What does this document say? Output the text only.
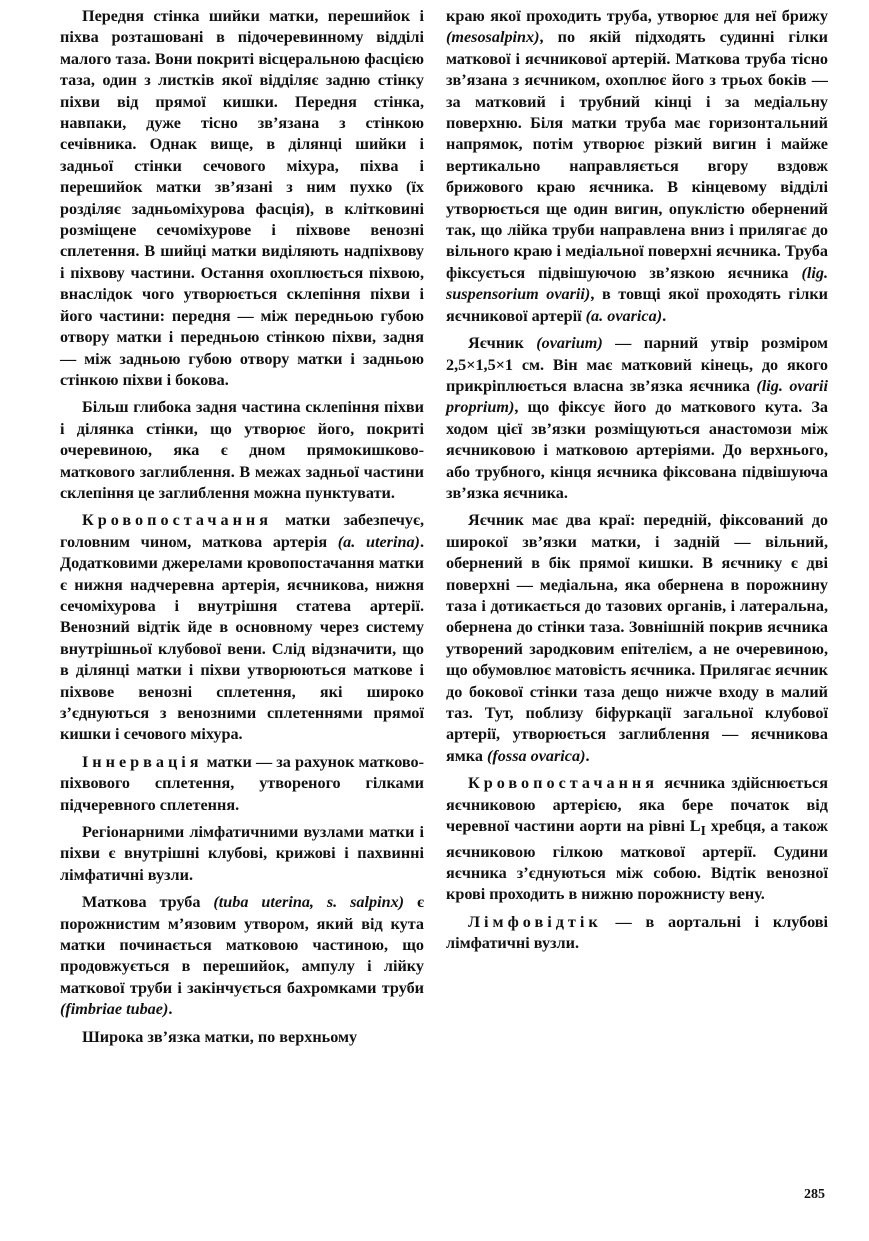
Передня стінка шийки матки, перешийок і піхва розташовані в підочеревинному відділі малого таза. Вони покриті вісцеральною фасцією таза, один з листків якої відділяє задню стінку піхви від прямої кишки. Передня стінка, навпаки, дуже тісно зв’язана з стінкою сечівника. Однак вище, в ділянці шийки і задньої стінки сечового міхура, піхва і перешийок матки зв’язані з ним пухко (їх розділяє задньоміхурова фасція), в клітковині розміщене сечоміхурове і піхвове венозні сплетення. В шийці матки виділяють надпіхвову і піхвову частини. Остання охоплюється піхвою, внаслідок чого утворюється склепіння піхви і його частини: передня — між передньою губою отвору матки і передньою стінкою піхви, задня — між задньою губою отвору матки і задньою стінкою піхви і бокова.

Більш глибока задня частина склепіння піхви і ділянка стінки, що утворює його, покриті очеревиною, яка є дном прямокишково-маткового заглиблення. В межах задньої частини склепіння це заглиблення можна пунктувати.

Кровопостачання матки забезпечує, головним чином, маткова артерія (a. uterina). Додатковими джерелами кровопостачання матки є нижня надчеревна артерія, яєчникова, нижня сечоміхурова і внутрішня статева артерії. Венозний відтік йде в основному через систему внутрішньої клубової вени. Слід відзначити, що в ділянці матки і піхви утворюються маткове і піхвове венозні сплетення, які широко з’єднуються з венозними сплетеннями прямої кишки і сечового міхура.

Іннервація матки — за рахунок матково-піхвового сплетення, утвореного гілками підчеревного сплетення.

Регіонарними лімфатичними вузлами матки і піхви є внутрішні клубові, крижові і пахвинні лімфатичні вузли.

Маткова труба (tuba uterina, s. salpinx) є порожнистим м’язовим утвором, який від кута матки починається матковою частиною, що продовжується в перешийок, ампулу і лійку маткової труби і закінчується бахромками труби (fimbriae tubae).

Широка зв’язка матки, по верхньому

краю якої проходить труба, утворює для неї брижу (mesosalpinx), по якій підходять судинні гілки маткової і яєчникової артерій. Маткова труба тісно зв’язана з яєчником, охоплює його з трьох боків — за матковий і трубний кінці і за медіальну поверхню. Біля матки труба має горизонтальний напрямок, потім утворює різкий вигин і майже вертикально направляється вгору вздовж брижового краю яєчника. В кінцевому відділі утворюється ще один вигин, опуклістю обернений так, що лійка труби направлена вниз і прилягає до вільного краю і медіальної поверхні яєчника. Труба фіксується підвішуючою зв’язкою яєчника (lig. suspensorium ovarii), в товщі якої проходять гілки яєчникової артерії (a. ovarica).

Яєчник (ovarium) — парний утвір розміром 2,5×1,5×1 см. Він має матковий кінець, до якого прикріплюється власна зв’язка яєчника (lig. ovarii proprium), що фіксує його до маткового кута. За ходом цієї зв’язки розміщуються анастомози між яєчниковою і матковою артеріями. До верхнього, або трубного, кінця яєчника фіксована підвішуюча зв’язка яєчника.

Яєчник має два краї: передній, фіксований до широкої зв’язки матки, і задній — вільний, обернений в бік прямої кишки. В яєчнику є дві поверхні — медіальна, яка обернена в порожнину таза і дотикається до тазових органів, і латеральна, обернена до стінки таза. Зовнішній покрив яєчника утворений зародковим епітелієм, а не очеревиною, що обумовлює матовість яєчника. Прилягає яєчник до бокової стінки таза дещо нижче входу в малий таз. Тут, поблизу біфуркації загальної клубової артерії, утворюється заглиблення — яєчникова ямка (fossa ovarica).

Кровопостачання яєчника здійснюється яєчниковою артерією, яка бере початок від черевної частини аорти на рівні $L_I$ хребця, а також яєчниковою гілкою маткової артерії. Судини яєчника з’єднуються між собою. Відтік венозної крові проходить в нижню порожнисту вену.

Лімфовідтік — в аортальні і клубові лімфатичні вузли.

285
